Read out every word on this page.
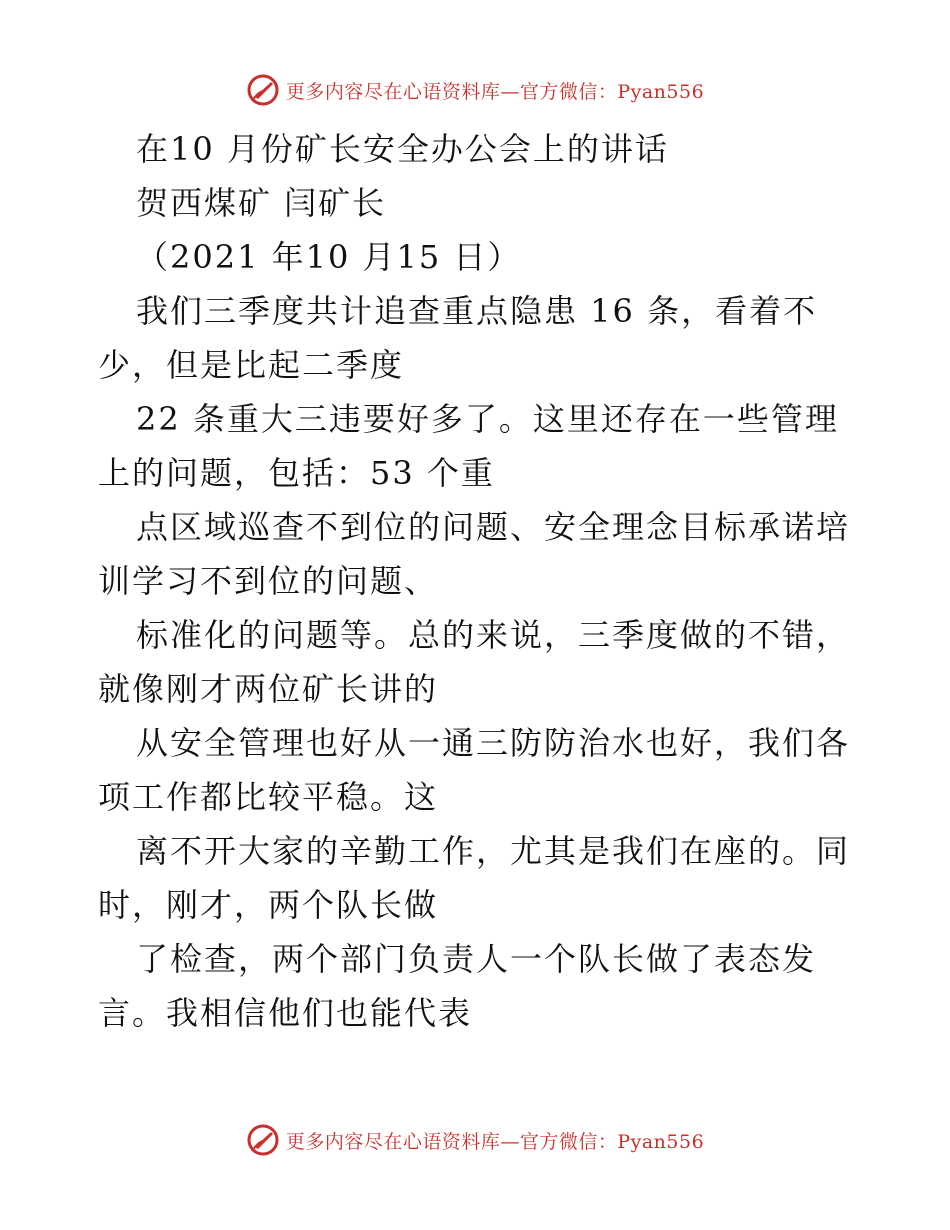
更多内容尽在心语资料库—官方微信：Pyan556
在10 月份矿长安全办公会上的讲话
贺西煤矿 闫矿长
（2021 年10 月15 日）
我们三季度共计追查重点隐患 16 条，看着不
少，但是比起二季度
22 条重大三违要好多了。这里还存在一些管理
上的问题，包括：53 个重
点区域巡查不到位的问题、安全理念目标承诺培
训学习不到位的问题、
标准化的问题等。总的来说，三季度做的不错，
就像刚才两位矿长讲的
从安全管理也好从一通三防防治水也好，我们各
项工作都比较平稳。这
离不开大家的辛勤工作，尤其是我们在座的。同
时，刚才，两个队长做
了检查，两个部门负责人一个队长做了表态发
言。我相信他们也能代表
更多内容尽在心语资料库—官方微信：Pyan556
